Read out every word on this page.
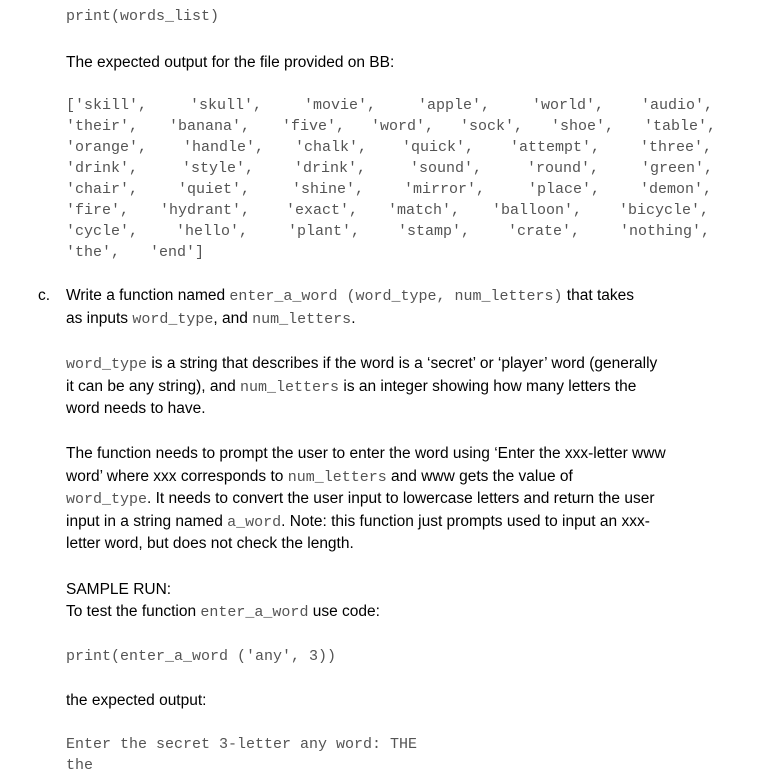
print(words_list)
The expected output for the file provided on BB:
['skill',	'skull',	'movie',	'apple',	'world', 'audio',
'their', 'banana', 'five', 'word', 'sock', 'shoe', 'table',
'orange', 'handle', 'chalk', 'quick', 'attempt',	'three',
'drink',	'style',	'drink',	'sound',	'round',	'green',
'chair',	'quiet',	'shine',	'mirror',	'place',	'demon',
'fire', 'hydrant', 'exact', 'match', 'balloon', 'bicycle',
'cycle',	'hello',	'plant',	'stamp',	'crate',	'nothing',
'the', 'end']
c. Write a function named enter_a_word (word_type, num_letters) that takes
as inputs word_type, and num_letters.
word_type is a string that describes if the word is a ‘secret’ or ‘player’ word (generally
it can be any string), and num_letters is an integer showing how many letters the
word needs to have.
The function needs to prompt the user to enter the word using ‘Enter the xxx-letter www
word’ where xxx corresponds to num_letters and www gets the value of
word_type. It needs to convert the user input to lowercase letters and return the user
input in a string named a_word. Note: this function just prompts used to input an xxx-
letter word, but does not check the length.
SAMPLE RUN:
To test the function enter_a_word use code:
print(enter_a_word ('any', 3))
the expected output:
Enter the secret 3-letter any word: THE
the
